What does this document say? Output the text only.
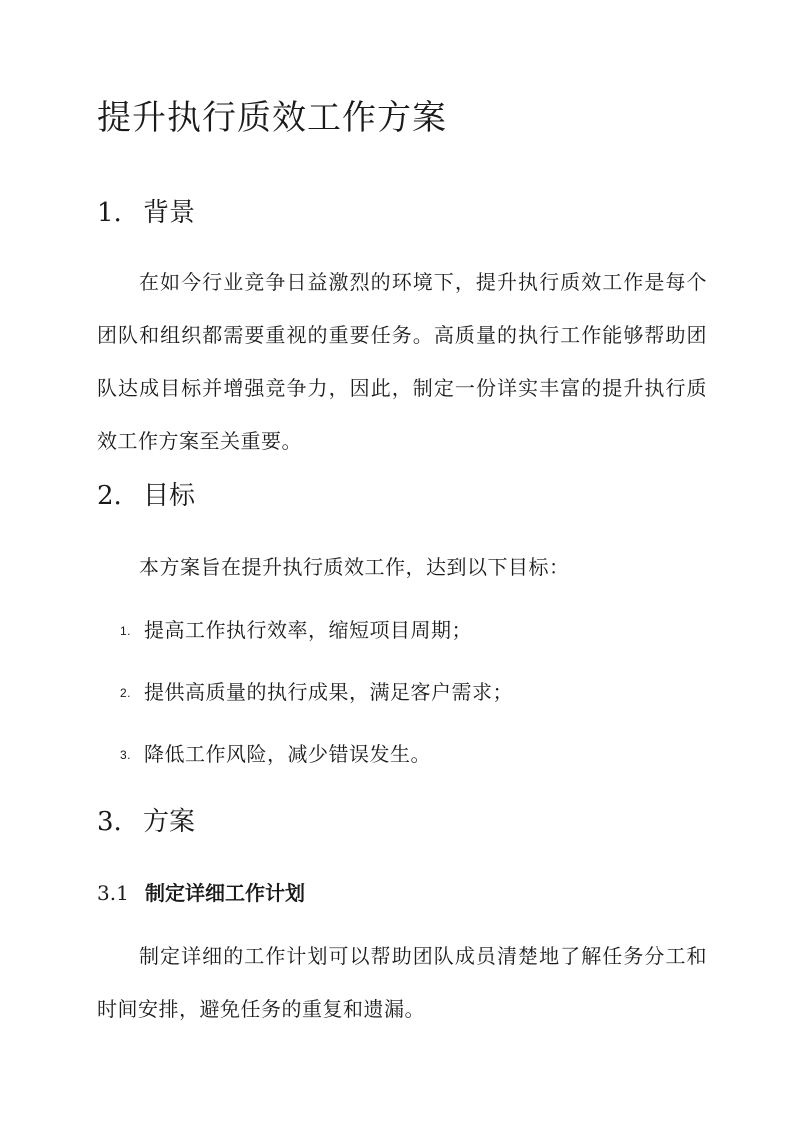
提升执行质效工作方案
1. 背景
在如今行业竞争日益激烈的环境下，提升执行质效工作是每个团队和组织都需要重视的重要任务。高质量的执行工作能够帮助团队达成目标并增强竞争力，因此，制定一份详实丰富的提升执行质效工作方案至关重要。
2. 目标
本方案旨在提升执行质效工作，达到以下目标：
1. 提高工作执行效率，缩短项目周期；
2. 提供高质量的执行成果，满足客户需求；
3. 降低工作风险，减少错误发生。
3. 方案
3.1 制定详细工作计划
制定详细的工作计划可以帮助团队成员清楚地了解任务分工和时间安排，避免任务的重复和遗漏。
